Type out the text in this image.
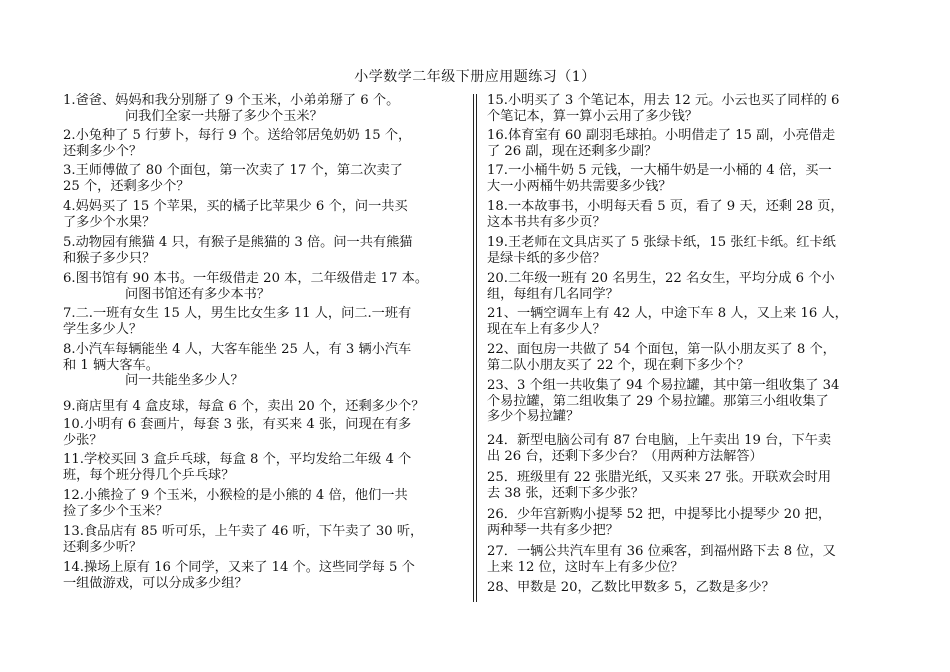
小学数学二年级下册应用题练习（1）
1.爸爸、妈妈和我分别掰了 9 个玉米，小弟弟掰了 6 个。
问我们全家一共掰了多少个玉米？
2.小兔种了 5 行萝卜，每行 9 个。送给邻居兔奶奶 15 个，
还剩多少个？
3.王师傅做了 80 个面包，第一次卖了 17 个，第二次卖了
25 个，还剩多少个？
4.妈妈买了 15 个苹果，买的橘子比苹果少 6 个，问一共买
了多少个水果？
5.动物园有熊猫 4 只，有猴子是熊猫的 3 倍。问一共有熊猫
和猴子多少只？
6.图书馆有 90 本书。一年级借走 20 本，二年级借走 17 本。
问图书馆还有多少本书？
7.二.一班有女生 15 人，男生比女生多 11 人，问二.一班有
学生多少人？
8.小汽车每辆能坐 4 人，大客车能坐 25 人，有 3 辆小汽车
和 1 辆大客车。
问一共能坐多少人？
9.商店里有 4 盒皮球，每盒 6 个，卖出 20 个，还剩多少个？
10.小明有 6 套画片，每套 3 张，有买来 4 张，问现在有多
少张？
11.学校买回 3 盒乒乓球，每盒 8 个，平均发给二年级 4 个
班，每个班分得几个乒乓球？
12.小熊捡了 9 个玉米，小猴检的是小熊的 4 倍，他们一共
捡了多少个玉米？
13.食品店有 85 听可乐，上午卖了 46 听，下午卖了 30 听，
还剩多少听？
14.操场上原有 16 个同学，又来了 14 个。这些同学每 5 个
一组做游戏，可以分成多少组？
15.小明买了 3 个笔记本，用去 12 元。小云也买了同样的 6
个笔记本，算一算小云用了多少钱？
16.体育室有 60 副羽毛球拍。小明借走了 15 副，小亮借走
了 26 副，现在还剩多少副？
17.一小桶牛奶 5 元钱，一大桶牛奶是一小桶的 4 倍，买一
大一小两桶牛奶共需要多少钱？
18.一本故事书，小明每天看 5 页，看了 9 天，还剩 28 页，
这本书共有多少页？
19.王老师在文具店买了 5 张绿卡纸，15 张红卡纸。红卡纸
是绿卡纸的多少倍？
20.二年级一班有 20 名男生，22 名女生，平均分成 6 个小
组，每组有几名同学？
21、一辆空调车上有 42 人，中途下车 8 人，又上来 16 人，
现在车上有多少人？
22、面包房一共做了 54 个面包，第一队小朋友买了 8 个，
第二队小朋友买了 22 个，现在剩下多少个？
23、3 个组一共收集了 94 个易拉罐，其中第一组收集了 34
个易拉罐，第二组收集了 29 个易拉罐。那第三小组收集了
多少个易拉罐？
24．新型电脑公司有 87 台电脑，上午卖出 19 台，下午卖
出 26 台，还剩下多少台？（用两种方法解答）
25．班级里有 22 张腊光纸，又买来 27 张。开联欢会时用
去 38 张，还剩下多少张？
26．少年宫新购小提琴 52 把，中提琴比小提琴少 20 把，
两种琴一共有多少把？
27．一辆公共汽车里有 36 位乘客，到福州路下去 8 位，又
上来 12 位，这时车上有多少位？
28、甲数是 20，乙数比甲数多 5，乙数是多少？
